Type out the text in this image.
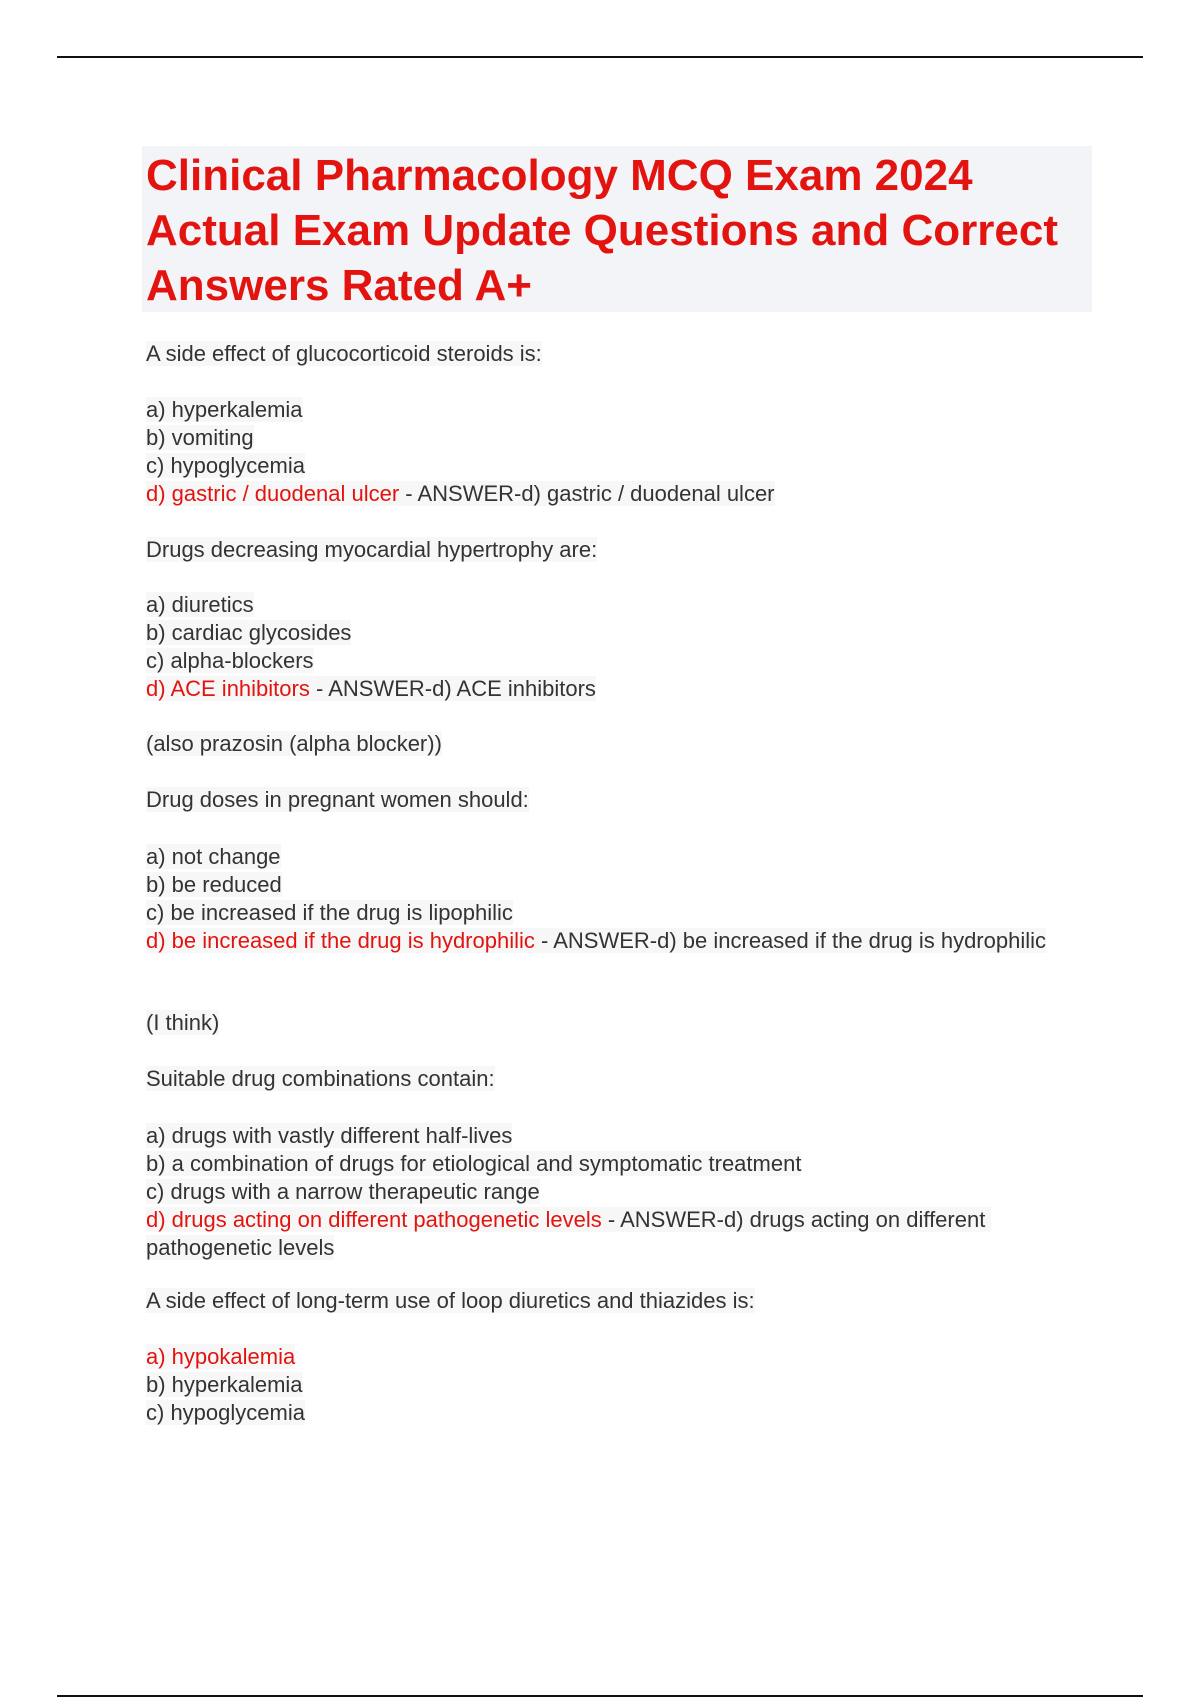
Clinical Pharmacology MCQ Exam 2024 Actual Exam Update Questions and Correct Answers Rated A+
A side effect of glucocorticoid steroids is:
a) hyperkalemia
b) vomiting
c) hypoglycemia
d) gastric / duodenal ulcer - ANSWER-d) gastric / duodenal ulcer
Drugs decreasing myocardial hypertrophy are:
a) diuretics
b) cardiac glycosides
c) alpha-blockers
d) ACE inhibitors - ANSWER-d) ACE inhibitors
(also prazosin (alpha blocker))
Drug doses in pregnant women should:
a) not change
b) be reduced
c) be increased if the drug is lipophilic
d) be increased if the drug is hydrophilic - ANSWER-d) be increased if the drug is hydrophilic
(I think)
Suitable drug combinations contain:
a) drugs with vastly different half-lives
b) a combination of drugs for etiological and symptomatic treatment
c) drugs with a narrow therapeutic range
d) drugs acting on different pathogenetic levels - ANSWER-d) drugs acting on different pathogenetic levels
A side effect of long-term use of loop diuretics and thiazides is:
a) hypokalemia
b) hyperkalemia
c) hypoglycemia
